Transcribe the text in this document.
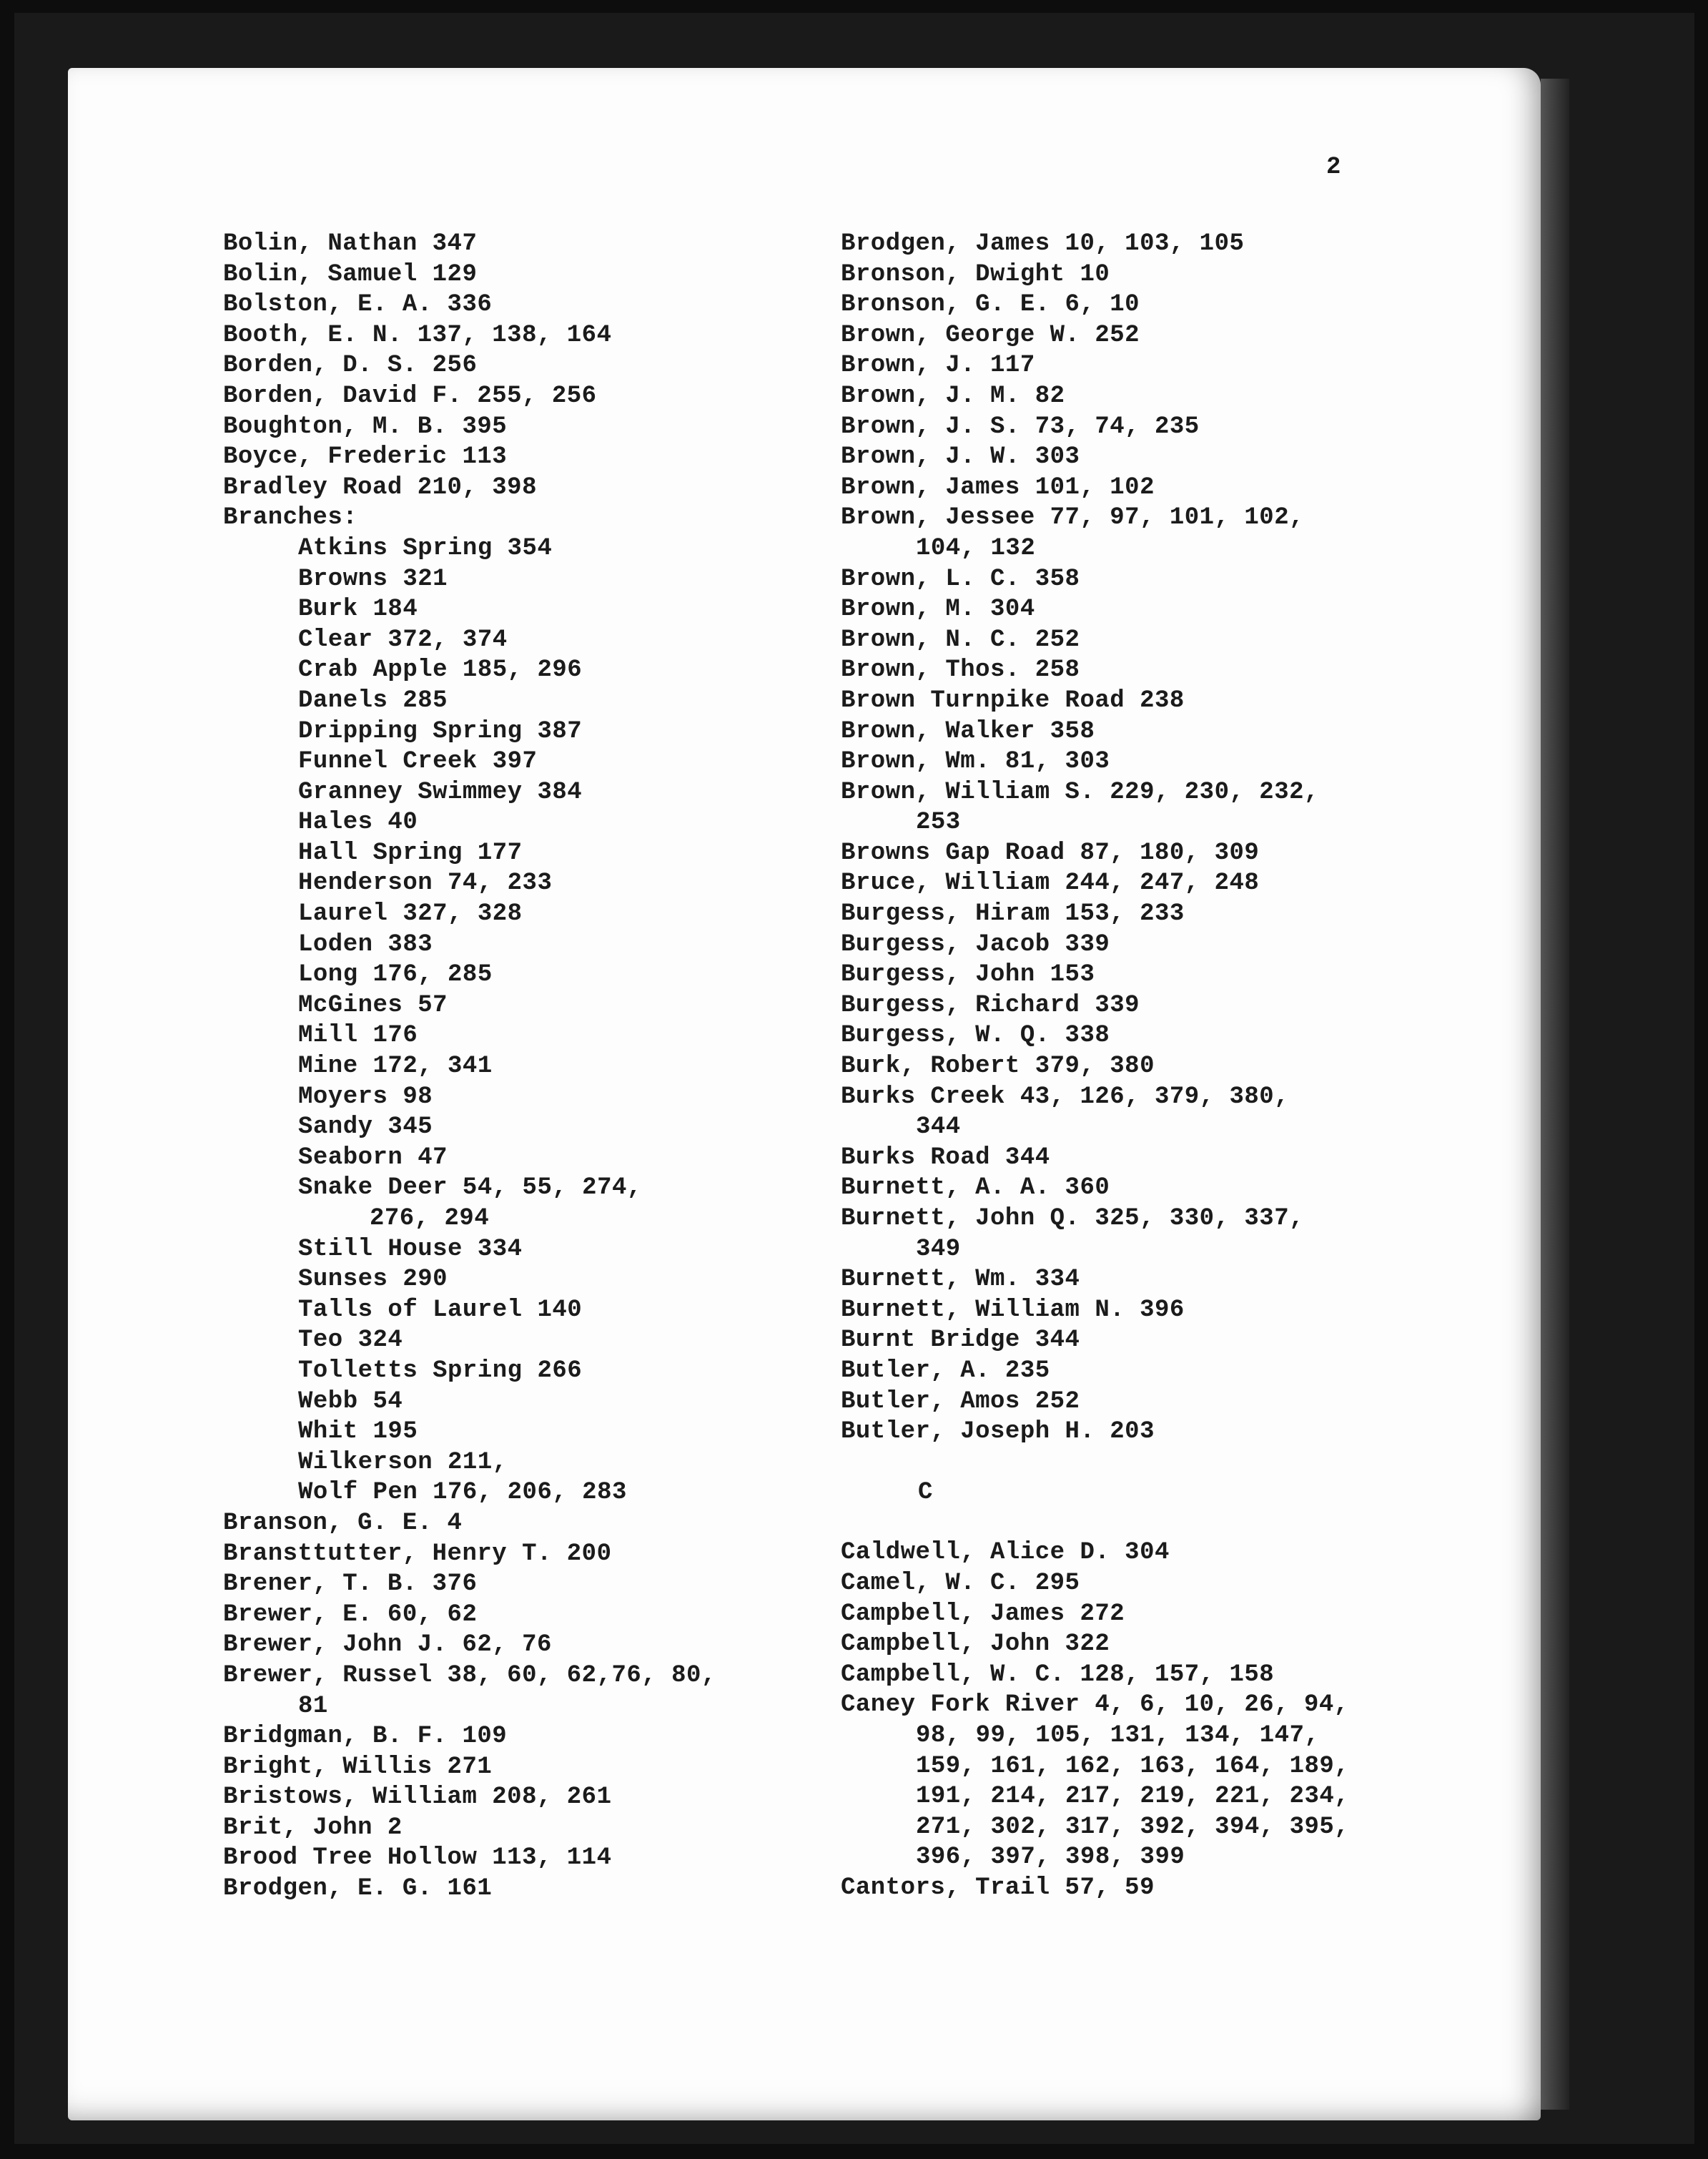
2
Bolin, Nathan 347
Bolin, Samuel 129
Bolston, E. A. 336
Booth, E. N. 137, 138, 164
Borden, D. S. 256
Borden, David F. 255, 256
Boughton, M. B. 395
Boyce, Frederic 113
Bradley Road 210, 398
Branches:
Atkins Spring 354
Browns 321
Burk 184
Clear 372, 374
Crab Apple 185, 296
Danels 285
Dripping Spring 387
Funnel Creek 397
Granney Swimmey 384
Hales 40
Hall Spring 177
Henderson 74, 233
Laurel 327, 328
Loden 383
Long 176, 285
McGines 57
Mill 176
Mine 172, 341
Moyers 98
Sandy 345
Seaborn 47
Snake Deer 54, 55, 274,
276, 294
Still House 334
Sunses 290
Talls of Laurel 140
Teo 324
Tolletts Spring 266
Webb 54
Whit 195
Wilkerson 211,
Wolf Pen 176, 206, 283
Branson, G. E. 4
Bransttutter, Henry T. 200
Brener, T. B. 376
Brewer, E. 60, 62
Brewer, John J. 62, 76
Brewer, Russel 38, 60, 62,76, 80,
81
Bridgman, B. F. 109
Bright, Willis 271
Bristows, William 208, 261
Brit, John 2
Brood Tree Hollow 113, 114
Brodgen, E. G. 161
Brodgen, James 10, 103, 105
Bronson, Dwight 10
Bronson, G. E. 6, 10
Brown, George W. 252
Brown, J. 117
Brown, J. M. 82
Brown, J. S. 73, 74, 235
Brown, J. W. 303
Brown, James 101, 102
Brown, Jessee 77, 97, 101, 102,
104, 132
Brown, L. C. 358
Brown, M. 304
Brown, N. C. 252
Brown, Thos. 258
Brown Turnpike Road 238
Brown, Walker 358
Brown, Wm. 81, 303
Brown, William S. 229, 230, 232,
253
Browns Gap Road 87, 180, 309
Bruce, William 244, 247, 248
Burgess, Hiram 153, 233
Burgess, Jacob 339
Burgess, John 153
Burgess, Richard 339
Burgess, W. Q. 338
Burk, Robert 379, 380
Burks Creek 43, 126, 379, 380,
344
Burks Road 344
Burnett, A. A. 360
Burnett, John Q. 325, 330, 337,
349
Burnett, Wm. 334
Burnett, William N. 396
Burnt Bridge 344
Butler, A. 235
Butler, Amos 252
Butler, Joseph H. 203
C
Caldwell, Alice D. 304
Camel, W. C. 295
Campbell, James 272
Campbell, John 322
Campbell, W. C. 128, 157, 158
Caney Fork River 4, 6, 10, 26, 94,
98, 99, 105, 131, 134, 147,
159, 161, 162, 163, 164, 189,
191, 214, 217, 219, 221, 234,
271, 302, 317, 392, 394, 395,
396, 397, 398, 399
Cantors, Trail 57, 59
